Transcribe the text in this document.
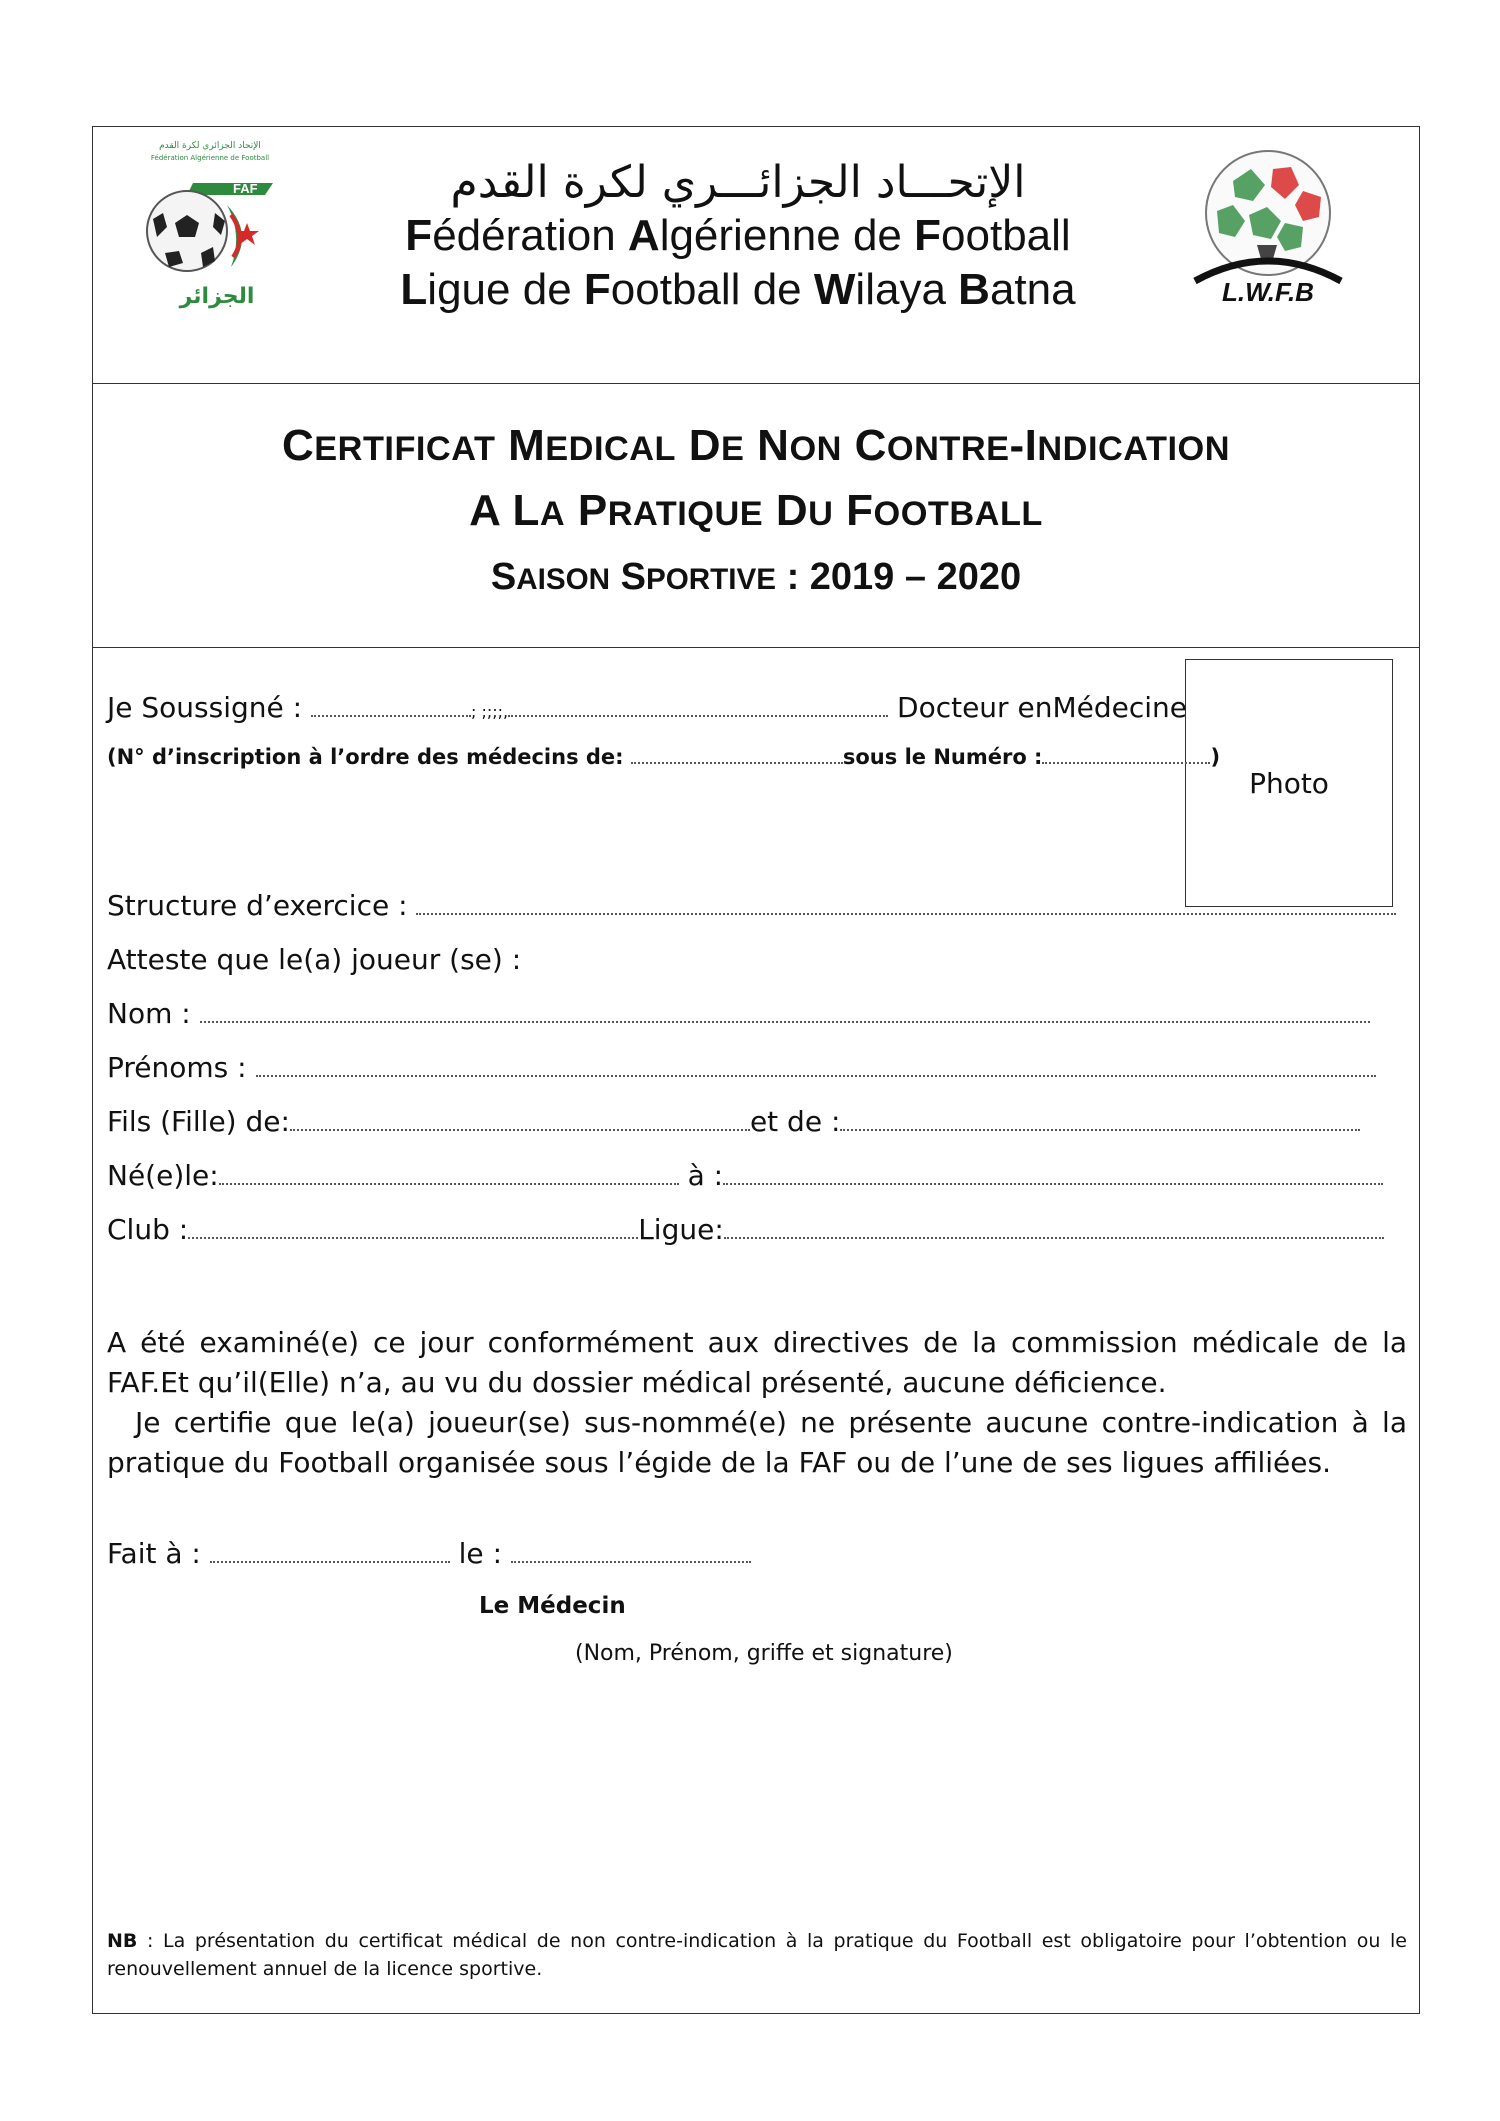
الإتحاد الجزائري لكرة القدم
Fédération Algérienne de Football
FAF
الجزائر
الإتحـــاد الجزائـــري لكرة القدم
Fédération Algérienne de Football
Ligue de Football de Wilaya Batna	L.W.F.B
CERTIFICAT MEDICAL DE NON CONTRE-INDICATION
A LA PRATIQUE DU FOOTBALL
SAISON SPORTIVE : 2019 – 2020
Photo
Je Soussigné :	; ;;;;,	Docteur enMédecine
(N° d’inscription à l’ordre des médecins de:	sous le Numéro :	)
Structure d’exercice :
Atteste que le(a) joueur (se) :
Nom :
Prénoms :
Fils (Fille) de:	et de :
Né(e)le:	à :
Club :	Ligue:
A été examiné(e) ce jour conformément aux directives de la commission médicale de la FAF.Et qu’il(Elle) n’a, au vu du dossier médical présenté, aucune déficience.
Je certifie que le(a) joueur(se) sus-nommé(e) ne présente aucune contre-indication à la pratique du Football organisée sous l’égide de la FAF ou de l’une de ses ligues affiliées.
Fait à :	le :
Le Médecin
(Nom, Prénom, griffe et signature)
NB : La présentation du certificat médical de non contre-indication à la pratique du Football est obligatoire pour l’obtention ou le renouvellement annuel de la licence sportive.
